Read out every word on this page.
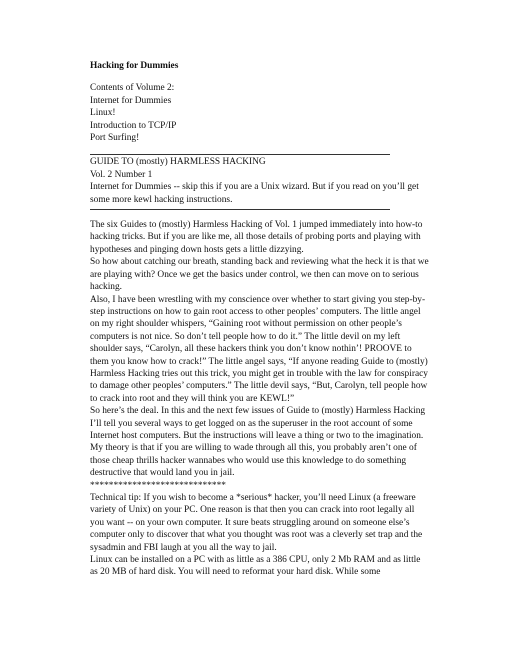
Hacking for Dummies

Contents of Volume 2:

Internet for Dummies

Linux!

Introduction to TCP/IP

Port Surfing!

GUIDE TO (mostly) HARMLESS HACKING

Vol. 2 Number 1

Internet for Dummies -- skip this if you are a Unix wizard. But if you read on you’ll get some more kewl hacking instructions.

The six Guides to (mostly) Harmless Hacking of Vol. 1 jumped immediately into how-to hacking tricks. But if you are like me, all those details of probing ports and playing with hypotheses and pinging down hosts gets a little dizzying.

So how about catching our breath, standing back and reviewing what the heck it is that we are playing with? Once we get the basics under control, we then can move on to serious hacking.

Also, I have been wrestling with my conscience over whether to start giving you step-by-step instructions on how to gain root access to other peoples’ computers. The little angel on my right shoulder whispers, “Gaining root without permission on other people’s computers is not nice. So don’t tell people how to do it.” The little devil on my left shoulder says, “Carolyn, all these hackers think you don’t know nothin’! PROOVE to them you know how to crack!” The little angel says, “If anyone reading Guide to (mostly) Harmless Hacking tries out this trick, you might get in trouble with the law for conspiracy to damage other peoples’ computers.” The little devil says, “But, Carolyn, tell people how to crack into root and they will think you are KEWL!”

So here’s the deal. In this and the next few issues of Guide to (mostly) Harmless Hacking I’ll tell you several ways to get logged on as the superuser in the root account of some Internet host computers. But the instructions will leave a thing or two to the imagination.

My theory is that if you are willing to wade through all this, you probably aren’t one of those cheap thrills hacker wannabes who would use this knowledge to do something destructive that would land you in jail.

*****************************

Technical tip: If you wish to become a *serious* hacker, you’ll need Linux (a freeware variety of Unix) on your PC. One reason is that then you can crack into root legally all you want -- on your own computer. It sure beats struggling around on someone else’s computer only to discover that what you thought was root was a cleverly set trap and the sysadmin and FBI laugh at you all the way to jail.

Linux can be installed on a PC with as little as a 386 CPU, only 2 Mb RAM and as little as 20 MB of hard disk. You will need to reformat your hard disk. While some
